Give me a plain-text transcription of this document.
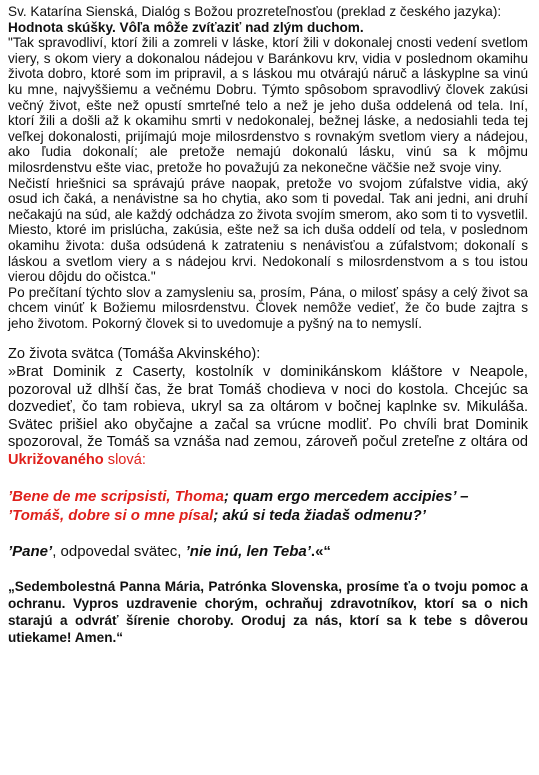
Sv. Katarína Sienská, Dialóg s Božou prozreteľnosťou (preklad z českého jazyka):

Hodnota skúšky. Vôľa môže zvíťaziť nad zlým duchom.

"Tak spravodliví, ktorí žili a zomreli v láske, ktorí žili v dokonalej cnosti vedení svetlom viery, s okom viery a dokonalou nádejou v Baránkovu krv, vidia v poslednom okamihu života dobro, ktoré som im pripravil, a s láskou mu otvárajú náruč a láskyplne sa vinú ku mne, najvyššiemu a večnému Dobru. Týmto spôsobom spravodlivý človek zakúsi večný život, ešte než opustí smrteľné telo a než je jeho duša oddelená od tela. Iní, ktorí žili a došli až k okamihu smrti v nedokonalej, bežnej láske, a nedosiahli teda tej veľkej dokonalosti, prijímajú moje milosrdenstvo s rovnakým svetlom viery a nádejou, ako ľudia dokonalí; ale pretože nemajú dokonalú lásku, vinú sa k môjmu milosrdenstvu ešte viac, pretože ho považujú za nekonečne väčšie než svoje viny.

Nečistí hriešnici sa správajú práve naopak, pretože vo svojom zúfalstve vidia, aký osud ich čaká, a nenávistne sa ho chytia, ako som ti povedal. Tak ani jedni, ani druhí nečakajú na súd, ale každý odchádza zo života svojím smerom, ako som ti to vysvetlil. Miesto, ktoré im prislúcha, zakúsia, ešte než sa ich duša oddelí od tela, v poslednom okamihu života: duša odsúdená k zatrateniu s nenávisťou a zúfalstvom; dokonalí s láskou a svetlom viery a s nádejou krvi. Nedokonalí s milosrdenstvom a s tou istou vierou dôjdu do očistca."

Po prečítaní týchto slov a zamysleniu sa, prosím, Pána, o milosť spásy a celý život sa chcem vinúť k Božiemu milosrdenstvu. Človek nemôže vedieť, že čo bude zajtra s jeho životom. Pokorný človek si to uvedomuje a pyšný na to nemyslí.

Zo života svätca (Tomáša Akvinského):

»Brat Dominik z Caserty, kostolník v dominikánskom kláštore v Neapole, pozoroval už dlhší čas, že brat Tomáš chodieva v noci do kostola. Chcejúc sa dozvedieť, čo tam robieva, ukryl sa za oltárom v bočnej kaplnke sv. Mikuláša. Svätec prišiel ako obyčajne a začal sa vrúcne modliť. Po chvíli brat Dominik spozoroval, že Tomáš sa vznáša nad zemou, zároveň počul zreteľne z oltára od Ukrižovaného slová:

’Bene de me scripsisti, Thoma; quam ergo mercedem accipies’ –

’Tomáš, dobre si o mne písal; akú si teda žiadaš odmenu?’

’Pane’, odpovedal svätec, ’nie inú, len Teba’.«“

„Sedembolestná Panna Mária, Patrónka Slovenska, prosíme ťa o tvoju pomoc a ochranu. Vypros uzdravenie chorým, ochraňuj zdravotníkov, ktorí sa o nich starajú a odvráť šírenie choroby. Oroduj za nás, ktorí sa k tebe s dôverou utiekame! Amen.“
